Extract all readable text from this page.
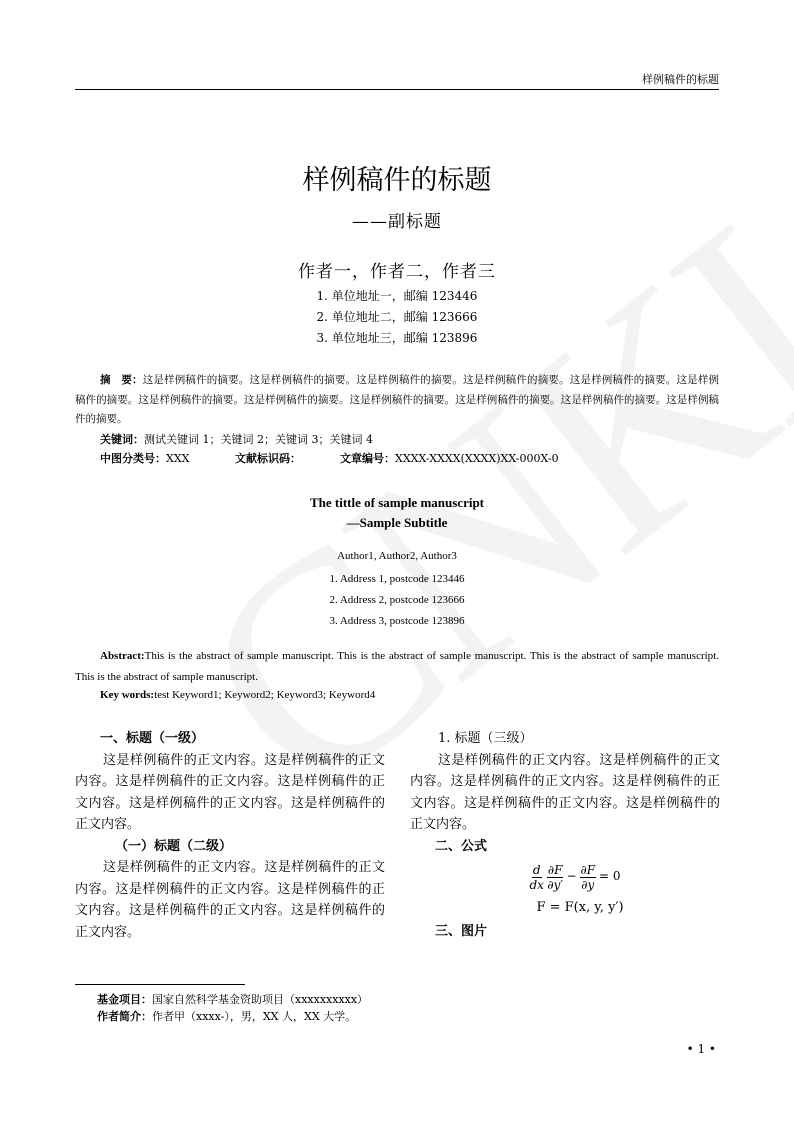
样例稿件的标题
样例稿件的标题
——副标题
作者一，作者二，作者三
1. 单位地址一，邮编 123446
2. 单位地址二，邮编 123666
3. 单位地址三，邮编 123896
摘　要：这是样例稿件的摘要。这是样例稿件的摘要。这是样例稿件的摘要。这是样例稿件的摘要。这是样例稿件的摘要。这是样例稿件的摘要。这是样例稿件的摘要。这是样例稿件的摘要。这是样例稿件的摘要。这是样例稿件的摘要。这是样例稿件的摘要。这是样例稿件的摘要。
关键词：测试关键词 1；关键词 2；关键词 3；关键词 4
中图分类号：XXX	文献标识码：	文章编号：XXXX-XXXX(XXXX)XX-000X-0
The tittle of sample manuscript
—Sample Subtitle
Author1, Author2, Author3
1. Address 1, postcode 123446
2. Address 2, postcode 123666
3. Address 3, postcode 123896
Abstract:This is the abstract of sample manuscript. This is the abstract of sample manuscript. This is the abstract of sample manuscript. This is the abstract of sample manuscript.
Key words:test Keyword1; Keyword2; Keyword3; Keyword4
一、标题（一级）
这是样例稿件的正文内容。这是样例稿件的正文内容。这是样例稿件的正文内容。这是样例稿件的正文内容。这是样例稿件的正文内容。这是样例稿件的正文内容。
（一）标题（二级）
这是样例稿件的正文内容。这是样例稿件的正文内容。这是样例稿件的正文内容。这是样例稿件的正文内容。这是样例稿件的正文内容。这是样例稿件的正文内容。
1. 标题（三级）
这是样例稿件的正文内容。这是样例稿件的正文内容。这是样例稿件的正文内容。这是样例稿件的正文内容。这是样例稿件的正文内容。这是样例稿件的正文内容。
二、公式
$\frac{d}{dx} \frac{\partial F}{\partial y'} - \frac{\partial F}{\partial y} = 0$
F = F(x, y, y′)
三、图片
基金项目：国家自然科学基金资助项目（xxxxxxxxxx）
作者简介：作者甲（xxxx-），男，XX 人，XX 大学。
• 1 •
